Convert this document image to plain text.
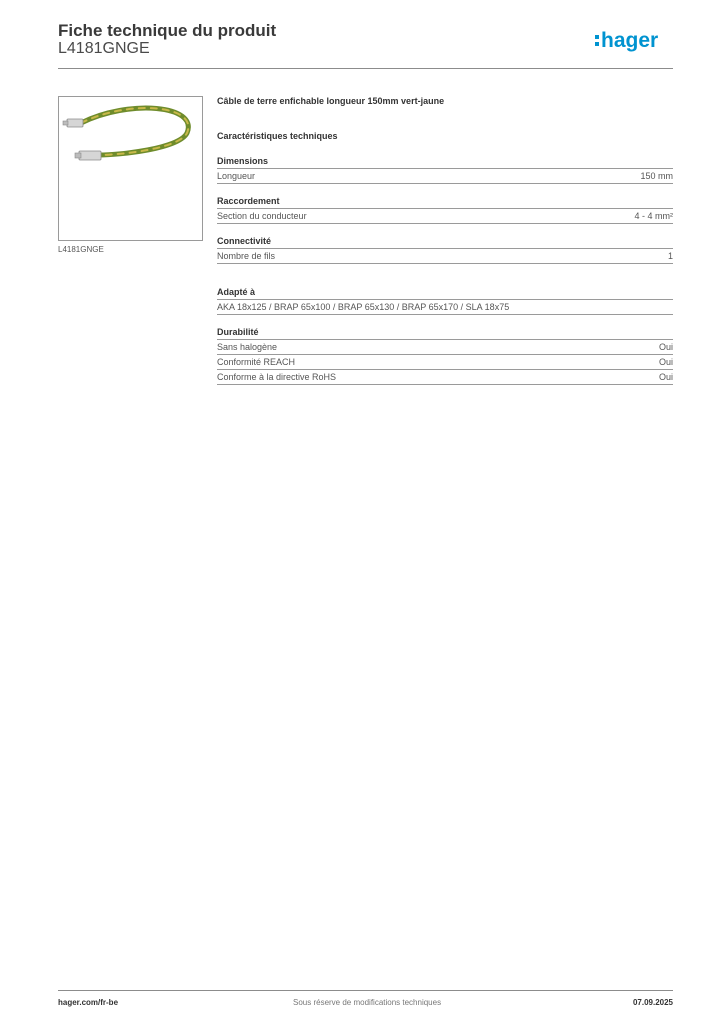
Fiche technique du produit
L4181GNGE	hager
L4181GNGE
Câble de terre enfichable longueur 150mm vert-jaune
Caractéristiques techniques
Dimensions
Longueur	150 mm
Raccordement
Section du conducteur	4 - 4 mm²
Connectivité
Nombre de fils	1
Adapté à
AKA 18x125 / BRAP 65x100 / BRAP 65x130 / BRAP 65x170 / SLA 18x75
Durabilité
Sans halogène	Oui
Conformité REACH	Oui
Conforme à la directive RoHS	Oui
hager.com/fr-be	Sous réserve de modifications techniques	07.09.2025
